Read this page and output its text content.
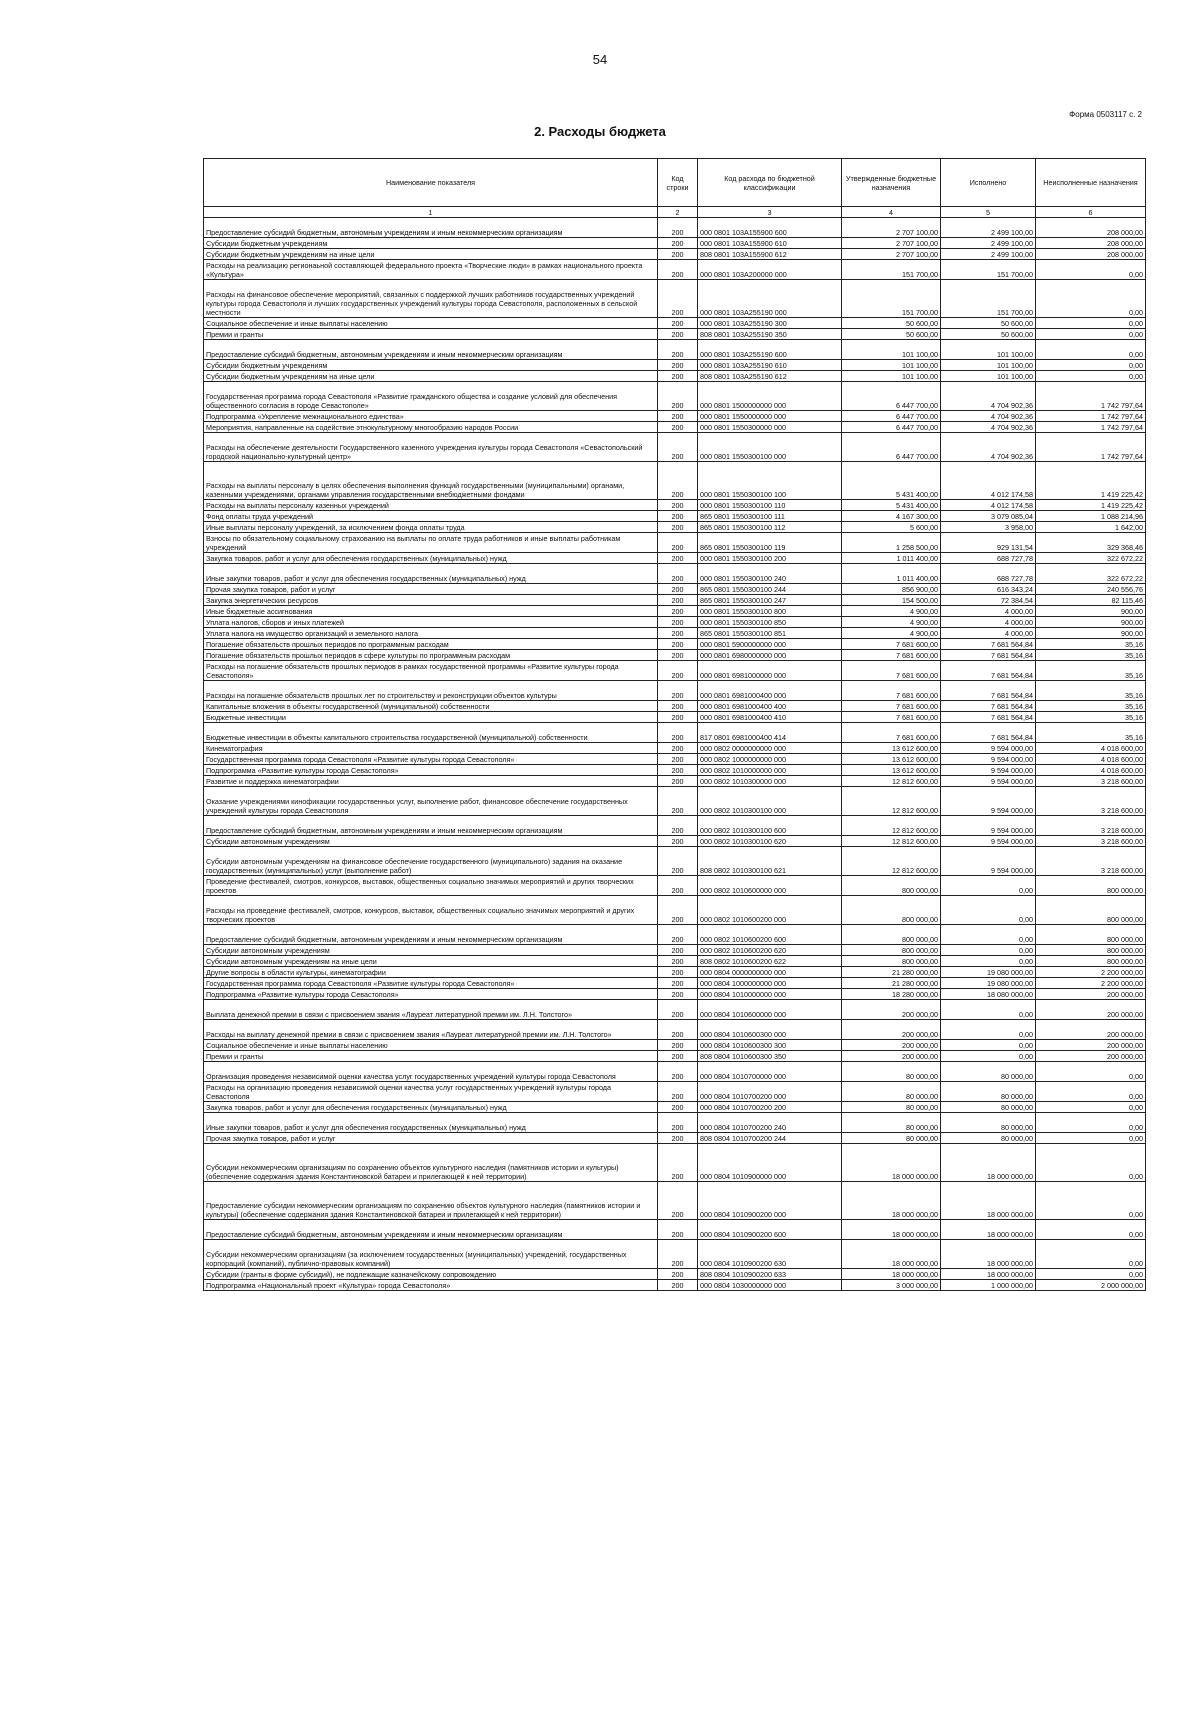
54
Форма 0503117 с. 2
2. Расходы бюджета
Наименование показателя	Код строки	Код расхода по бюджетной классификации	Утвержденные бюджетные назначения	Исполнено	Неисполненные назначения
1	2	3	4	5	6
Предоставление субсидий бюджетным, автономным учреждениям и иным некоммерческим организациям	200	000 0801 103A155900 600	2 707 100,00	2 499 100,00	208 000,00
Субсидии бюджетным учреждениям	200	000 0801 103A155900 610	2 707 100,00	2 499 100,00	208 000,00
Субсидии бюджетным учреждениям на иные цели	200	808 0801 103A155900 612	2 707 100,00	2 499 100,00	208 000,00
Расходы на реализацию регионаьной составляющей федерального проекта «Творческие люди» в рамках национального проекта «Культура»	200	000 0801 103A200000 000	151 700,00	151 700,00	0,00
Расходы на финансовое обеспечение мероприятий, связанных с поддержкой лучших работников государственных учреждений культуры города Севастополя и лучших государственных учреждений культуры города Севастополя, расположенных в сельской местности	200	000 0801 103A255190 000	151 700,00	151 700,00	0,00
Социальное обеспечение и иные выплаты населению	200	000 0801 103A255190 300	50 600,00	50 600,00	0,00
Премии и гранты	200	808 0801 103A255190 350	50 600,00	50 600,00	0,00
Предоставление субсидий бюджетным, автономным учреждениям и иным некоммерческим организациям	200	000 0801 103A255190 600	101 100,00	101 100,00	0,00
Субсидии бюджетным учреждениям	200	000 0801 103A255190 610	101 100,00	101 100,00	0,00
Субсидии бюджетным учреждениям на иные цели	200	808 0801 103A255190 612	101 100,00	101 100,00	0,00
Государственная программа города Севастополя «Развитие гражданского общества и создание условий для обеспечения общественного согласия в городе Севастополе»	200	000 0801 1500000000 000	6 447 700,00	4 704 902,36	1 742 797,64
Подпрограмма «Укрепление межнационального единства»	200	000 0801 1550000000 000	6 447 700,00	4 704 902,36	1 742 797,64
Мероприятия, направленные на содействие этнокультурному многообразию народов России	200	000 0801 1550300000 000	6 447 700,00	4 704 902,36	1 742 797,64
Расходы на обеспечение деятельности Государственного казенного учреждения культуры города Севастополя «Севастопольский городской национально-культурный центр»	200	000 0801 1550300100 000	6 447 700,00	4 704 902,36	1 742 797,64
Расходы на выплаты персоналу в целях обеспечения выполнения функций государственными (муниципальными) органами, казенными учреждениями, органами управления государственными внебюджетными фондами	200	000 0801 1550300100 100	5 431 400,00	4 012 174,58	1 419 225,42
Расходы на выплаты персоналу казенных учреждений	200	000 0801 1550300100 110	5 431 400,00	4 012 174,58	1 419 225,42
Фонд оплаты труда учреждений	200	865 0801 1550300100 111	4 167 300,00	3 079 085,04	1 088 214,96
Иные выплаты персоналу учреждений, за исключением фонда оплаты труда	200	865 0801 1550300100 112	5 600,00	3 958,00	1 642,00
Взносы по обязательному социальному страхованию на выплаты по оплате труда работников и иные выплаты работникам учреждений	200	865 0801 1550300100 119	1 258 500,00	929 131,54	329 368,46
Закупка товаров, работ и услуг для обеспечения государственных (муниципальных) нужд	200	000 0801 1550300100 200	1 011 400,00	688 727,78	322 672,22
Иные закупки товаров, работ и услуг для обеспечения государственных (муниципальных) нужд	200	000 0801 1550300100 240	1 011 400,00	688 727,78	322 672,22
Прочая закупка товаров, работ и услуг	200	865 0801 1550300100 244	856 900,00	616 343,24	240 556,76
Закупка энергетических ресурсов	200	865 0801 1550300100 247	154 500,00	72 384,54	82 115,46
Иные бюджетные ассигнования	200	000 0801 1550300100 800	4 900,00	4 000,00	900,00
Уплата налогов, сборов и иных платежей	200	000 0801 1550300100 850	4 900,00	4 000,00	900,00
Уплата налога на имущество организаций и земельного налога	200	865 0801 1550300100 851	4 900,00	4 000,00	900,00
Погашение обязательств прошлых периодов по программным расходам	200	000 0801 5900000000 000	7 681 600,00	7 681 564,84	35,16
Погашение обязательств прошлых периодов в сфере культуры по программным расходам	200	000 0801 6980000000 000	7 681 600,00	7 681 564,84	35,16
Расходы на погашение обязательств прошлых периодов в рамках государственной программы «Развитие культуры города Севастополя»	200	000 0801 6981000000 000	7 681 600,00	7 681 564,84	35,16
Расходы на погашение обязательств прошлых лет по строительству и реконструкции объектов культуры	200	000 0801 6981000400 000	7 681 600,00	7 681 564,84	35,16
Капитальные вложения в объекты государственной (муниципальной) собственности	200	000 0801 6981000400 400	7 681 600,00	7 681 564,84	35,16
Бюджетные инвестиции	200	000 0801 6981000400 410	7 681 600,00	7 681 564,84	35,16
Бюджетные инвестиции в объекты капитального строительства государственной (муниципальной) собственности	200	817 0801 6981000400 414	7 681 600,00	7 681 564,84	35,16
Кинематография	200	000 0802 0000000000 000	13 612 600,00	9 594 000,00	4 018 600,00
Государственная программа города Севастополя «Развитие культуры города Севастополя»	200	000 0802 1000000000 000	13 612 600,00	9 594 000,00	4 018 600,00
Подпрограмма «Развитие культуры города Севастополя»	200	000 0802 1010000000 000	13 612 600,00	9 594 000,00	4 018 600,00
Развитие и поддержка кинематографии	200	000 0802 1010300000 000	12 812 600,00	9 594 000,00	3 218 600,00
Оказание учреждениями кинофикации государственных услуг, выполнение работ, финансовое обеспечение государственных учреждений культуры города Севастополя	200	000 0802 1010300100 000	12 812 600,00	9 594 000,00	3 218 600,00
Предоставление субсидий бюджетным, автономным учреждениям и иным некоммерческим организациям	200	000 0802 1010300100 600	12 812 600,00	9 594 000,00	3 218 600,00
Субсидии автономным учреждениям	200	000 0802 1010300100 620	12 812 600,00	9 594 000,00	3 218 600,00
Субсидии автономным учреждениям на финансовое обеспечение государственного (муниципального) задания на оказание государственных (муниципальных) услуг (выполнение работ)	200	808 0802 1010300100 621	12 812 600,00	9 594 000,00	3 218 600,00
Проведение фестивалей, смотров, конкурсов, выставок, общественных социально значимых мероприятий и других творческих проектов	200	000 0802 1010600000 000	800 000,00	0,00	800 000,00
Расходы на проведение фестивалей, смотров, конкурсов, выставок, общественных социально значимых мероприятий и других творческих проектов	200	000 0802 1010600200 000	800 000,00	0,00	800 000,00
Предоставление субсидий бюджетным, автономным учреждениям и иным некоммерческим организациям	200	000 0802 1010600200 600	800 000,00	0,00	800 000,00
Субсидии автономным учреждениям	200	000 0802 1010600200 620	800 000,00	0,00	800 000,00
Субсидии автономным учреждениям на иные цели	200	808 0802 1010600200 622	800 000,00	0,00	800 000,00
Другие вопросы в области культуры, кинематографии	200	000 0804 0000000000 000	21 280 000,00	19 080 000,00	2 200 000,00
Государственная программа города Севастополя «Развитие культуры города Севастополя»	200	000 0804 1000000000 000	21 280 000,00	19 080 000,00	2 200 000,00
Подпрограмма «Развитие культуры города Севастополя»	200	000 0804 1010000000 000	18 280 000,00	18 080 000,00	200 000,00
Выплата денежной премии в связи с присвоением звания «Лауреат литературной премии им. Л.Н. Толстого»	200	000 0804 1010600000 000	200 000,00	0,00	200 000,00
Расходы на выплату денежной премии в связи с присвоением звания «Лауреат литературной премии им. Л.Н. Толстого»	200	000 0804 1010600300 000	200 000,00	0,00	200 000,00
Социальное обеспечение и иные выплаты населению	200	000 0804 1010600300 300	200 000,00	0,00	200 000,00
Премии и гранты	200	808 0804 1010600300 350	200 000,00	0,00	200 000,00
Организация проведения независимой оценки качества услуг государственных учреждений культуры города Севастополя	200	000 0804 1010700000 000	80 000,00	80 000,00	0,00
Расходы на организацию проведения независимой оценки качества услуг государственных учреждений культуры города Севастополя	200	000 0804 1010700200 000	80 000,00	80 000,00	0,00
Закупка товаров, работ и услуг для обеспечения государственных (муниципальных) нужд	200	000 0804 1010700200 200	80 000,00	80 000,00	0,00
Иные закупки товаров, работ и услуг для обеспечения государственных (муниципальных) нужд	200	000 0804 1010700200 240	80 000,00	80 000,00	0,00
Прочая закупка товаров, работ и услуг	200	808 0804 1010700200 244	80 000,00	80 000,00	0,00
Субсидии некоммерческим организациям по сохранению объектов культурного наследия (памятников истории и культуры) (обеспечение содержания здания Константиновской батареи и прилегающей к ней территории)	200	000 0804 1010900000 000	18 000 000,00	18 000 000,00	0,00
Предоставление субсидии некоммерческим организациям по сохранению объектов культурного наследия (памятников истории и культуры) (обеспечение содержания здания Константиновской батареи и прилегающей к ней территории)	200	000 0804 1010900200 000	18 000 000,00	18 000 000,00	0,00
Предоставление субсидий бюджетным, автономным учреждениям и иным некоммерческим организациям	200	000 0804 1010900200 600	18 000 000,00	18 000 000,00	0,00
Субсидии некоммерческим организациям (за исключением государственных (муниципальных) учреждений, государственных корпораций (компаний), публично-правовых компаний)	200	000 0804 1010900200 630	18 000 000,00	18 000 000,00	0,00
Субсидии (гранты в форме субсидий), не подлежащие казначейскому сопровождению	200	808 0804 1010900200 633	18 000 000,00	18 000 000,00	0,00
Подпрограмма «Национальный проект «Культура» города Севастополя»	200	000 0804 1030000000 000	3 000 000,00	1 000 000,00	2 000 000,00
